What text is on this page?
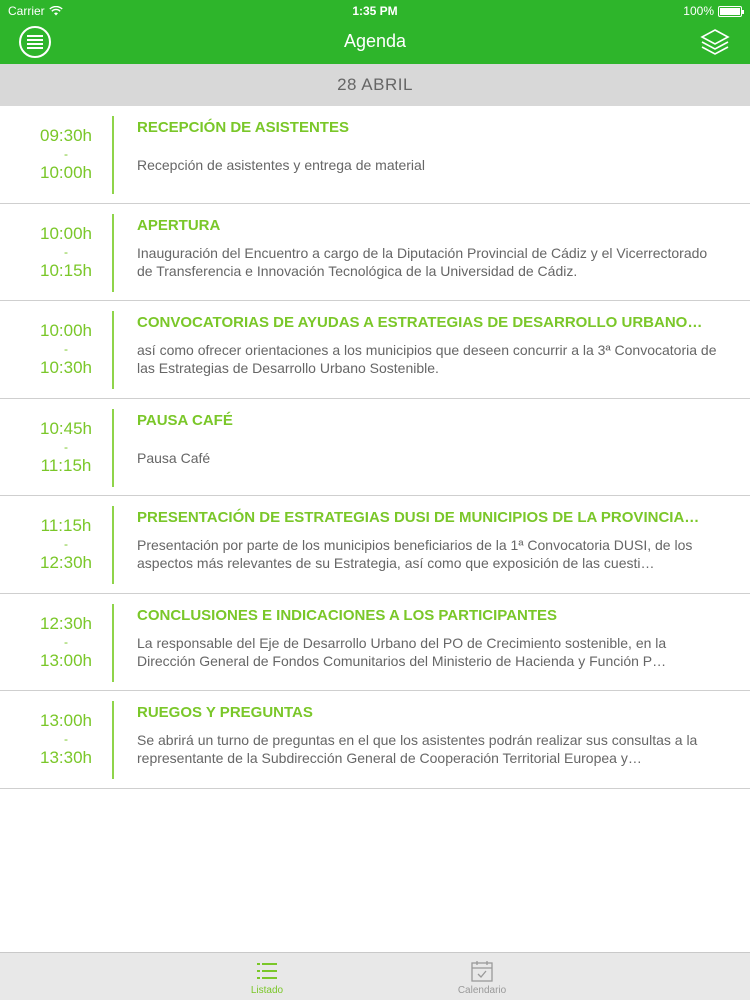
Carrier	1:35 PM	100%
Agenda
28 ABRIL
09:30h
-
10:00h
RECEPCIÓN DE ASISTENTES
Recepción de asistentes y entrega de material
10:00h
-
10:15h
APERTURA
Inauguración del Encuentro a cargo de la Diputación Provincial de Cádiz y el Vicerrectorado de Transferencia e Innovación Tecnológica de la Universidad de Cádiz.
10:00h
-
10:30h
CONVOCATORIAS DE AYUDAS A ESTRATEGIAS DE DESARROLLO URBANO…
así como ofrecer orientaciones a los municipios que deseen concurrir a la 3ª Convocatoria de las Estrategias de Desarrollo Urbano Sostenible.
10:45h
-
11:15h
PAUSA CAFÉ
Pausa Café
11:15h
-
12:30h
PRESENTACIÓN DE ESTRATEGIAS DUSI DE MUNICIPIOS DE LA PROVINCIA…
Presentación por parte de los municipios beneficiarios de la 1ª Convocatoria DUSI, de los aspectos más relevantes de su Estrategia, así como que exposición de las cuesti…
12:30h
-
13:00h
CONCLUSIONES E INDICACIONES A LOS PARTICIPANTES
La responsable del Eje de Desarrollo Urbano del PO de Crecimiento sostenible, en la Dirección General de Fondos Comunitarios del Ministerio de Hacienda y Función P…
13:00h
-
13:30h
RUEGOS Y PREGUNTAS
Se abrirá un turno de preguntas en el que los asistentes podrán realizar sus consultas a la representante de la Subdirección General de Cooperación Territorial Europea y…
Listado	Calendario
